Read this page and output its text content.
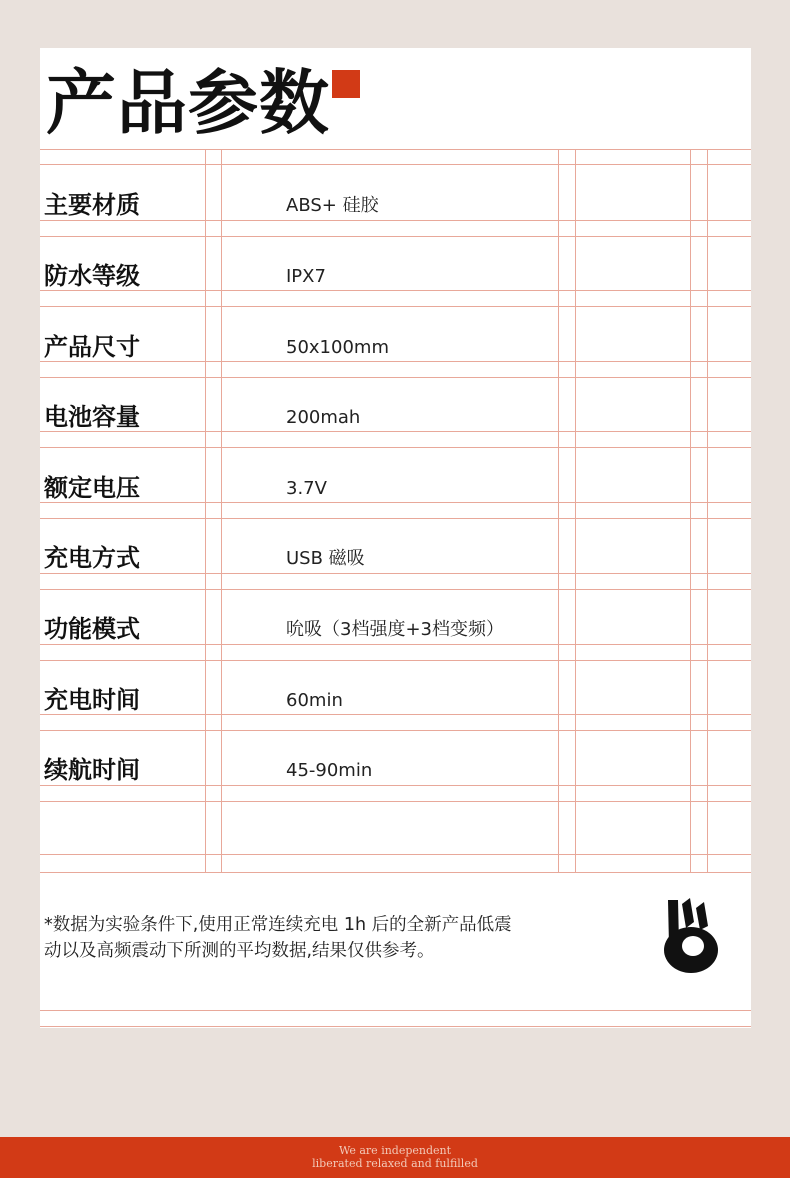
产品参数
主要材质	ABS+ 硅胶
防水等级	IPX7
产品尺寸	50x100mm
电池容量	200mah
额定电压	3.7V
充电方式	USB 磁吸
功能模式	吮吸（3档强度+3档变频）
充电时间	60min
续航时间	45-90min

*数据为实验条件下,使用正常连续充电 1h 后的全新产品低震
动以及高频震动下所测的平均数据,结果仅供参考。

We are independent
liberated relaxed and fulfilled
